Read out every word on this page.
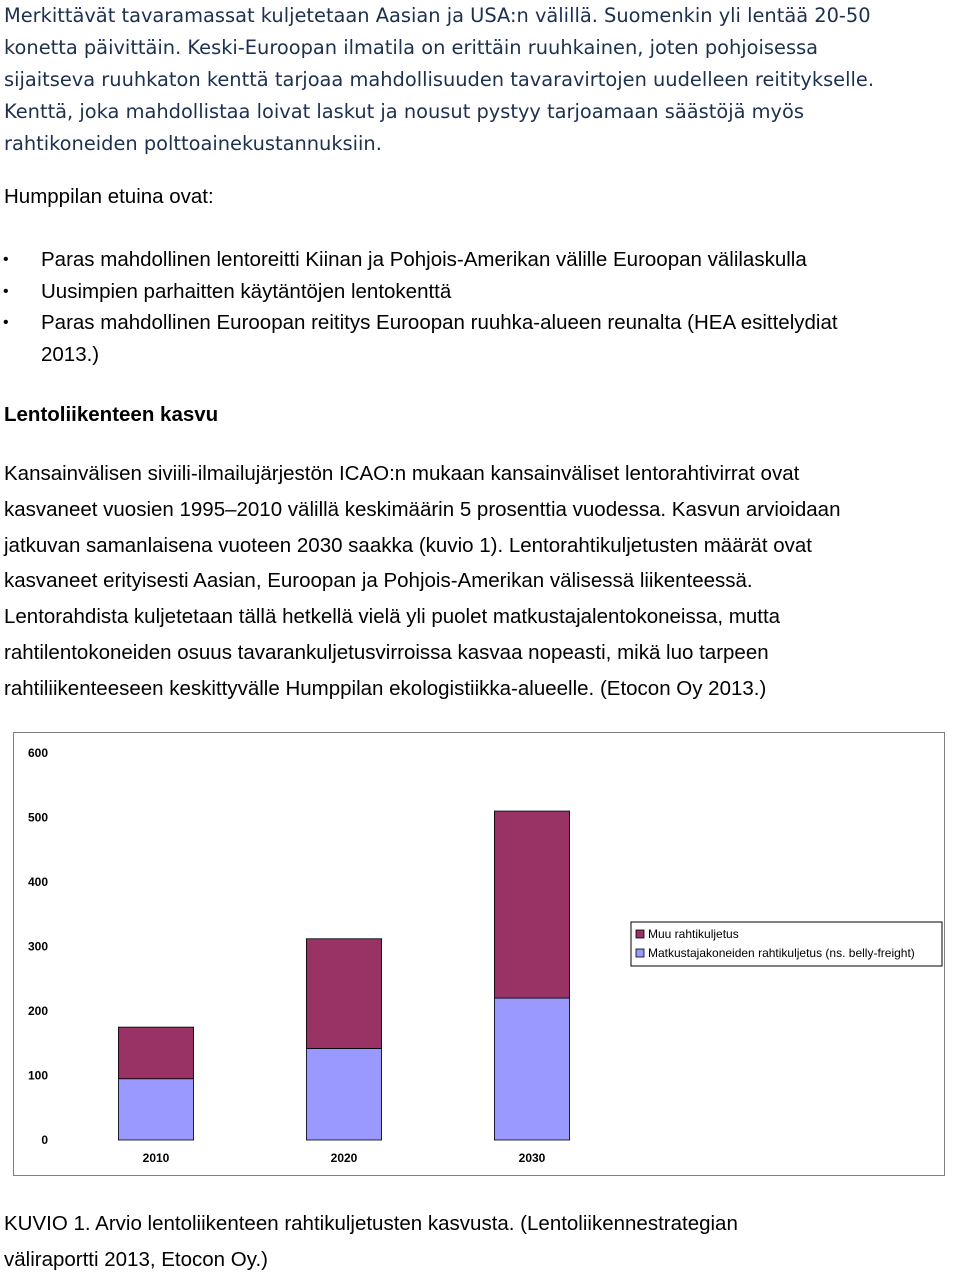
Merkittävät tavaramassat kuljetetaan Aasian ja USA:n välillä. Suomenkin yli lentää 20-50
konetta päivittäin. Keski-Euroopan ilmatila on erittäin ruuhkainen, joten pohjoisessa
sijaitseva ruuhkaton kenttä tarjoaa mahdollisuuden tavaravirtojen uudelleen reititykselle.
Kenttä, joka mahdollistaa loivat laskut ja nousut pystyy tarjoamaan säästöjä myös
rahtikoneiden polttoainekustannuksiin.
Humppilan etuina ovat:
• Paras mahdollinen lentoreitti Kiinan ja Pohjois-Amerikan välille Euroopan välilaskulla
• Uusimpien parhaitten käytäntöjen lentokenttä
• Paras mahdollinen Euroopan reititys Euroopan ruuhka-alueen reunalta (HEA esittelydiat
2013.)
Lentoliikenteen kasvu
Kansainvälisen siviili-ilmailujärjestön ICAO:n mukaan kansainväliset lentorahtivirrat ovat
kasvaneet vuosien 1995–2010 välillä keskimäärin 5 prosenttia vuodessa. Kasvun arvioidaan
jatkuvan samanlaisena vuoteen 2030 saakka (kuvio 1). Lentorahtikuljetusten määrät ovat
kasvaneet erityisesti Aasian, Euroopan ja Pohjois-Amerikan välisessä liikenteessä.
Lentorahdista kuljetetaan tällä hetkellä vielä yli puolet matkustajalentokoneissa, mutta
rahtilentokoneiden osuus tavarankuljetusvirroissa kasvaa nopeasti, mikä luo tarpeen
rahtiliikenteeseen keskittyvälle Humppilan ekologistiikka-alueelle. (Etocon Oy 2013.)
0
100
200
300
400
500
600
2010	2020	2030
Muu rahtikuljetus
Matkustajakoneiden rahtikuljetus (ns. belly-freight)
KUVIO 1. Arvio lentoliikenteen rahtikuljetusten kasvusta. (Lentoliikennestrategian
väliraportti 2013, Etocon Oy.)
